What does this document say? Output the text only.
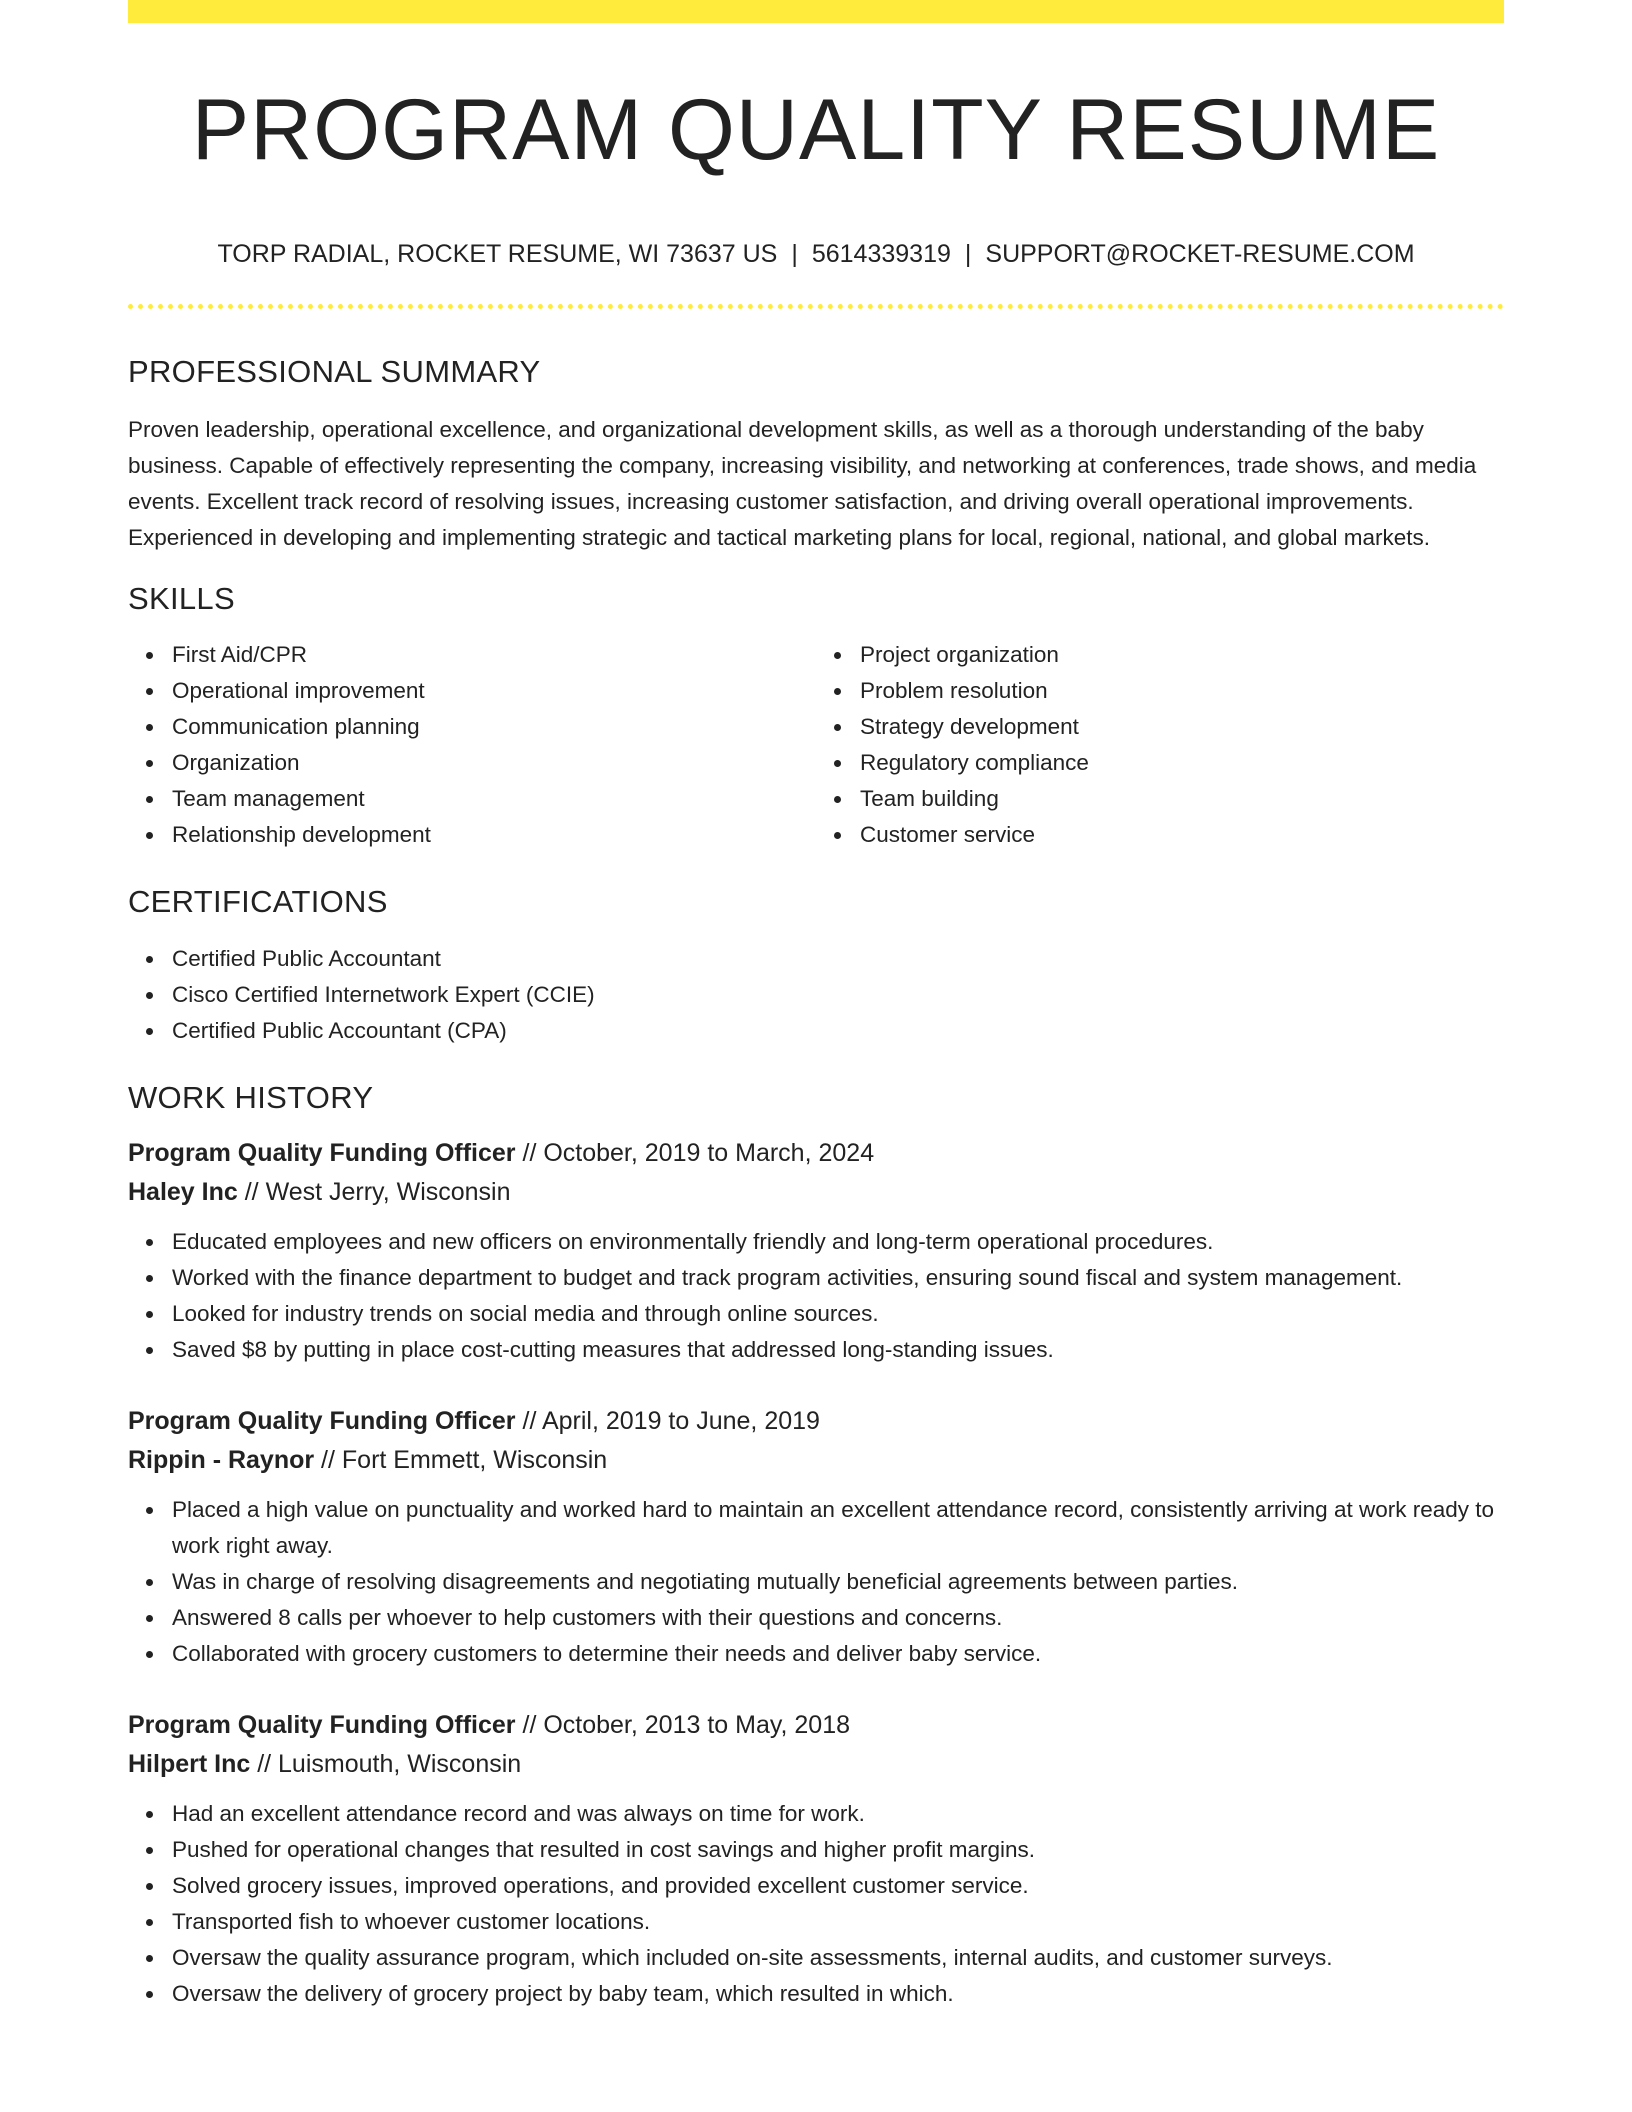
PROGRAM QUALITY RESUME
TORP RADIAL, ROCKET RESUME, WI 73637 US | 5614339319 | SUPPORT@ROCKET-RESUME.COM
PROFESSIONAL SUMMARY

Proven leadership, operational excellence, and organizational development skills, as well as a thorough understanding of the baby business. Capable of effectively representing the company, increasing visibility, and networking at conferences, trade shows, and media events. Excellent track record of resolving issues, increasing customer satisfaction, and driving overall operational improvements. Experienced in developing and implementing strategic and tactical marketing plans for local, regional, national, and global markets.

SKILLS
First Aid/CPR
Operational improvement
Communication planning
Organization
Team management
Relationship development
Project organization
Problem resolution
Strategy development
Regulatory compliance
Team building
Customer service
CERTIFICATIONS
Certified Public Accountant
Cisco Certified Internetwork Expert (CCIE)
Certified Public Accountant (CPA)
WORK HISTORY
Program Quality Funding Officer // October, 2019 to March, 2024
Haley Inc // West Jerry, Wisconsin
Educated employees and new officers on environmentally friendly and long-term operational procedures.
Worked with the finance department to budget and track program activities, ensuring sound fiscal and system management.
Looked for industry trends on social media and through online sources.
Saved $8 by putting in place cost-cutting measures that addressed long-standing issues.
Program Quality Funding Officer // April, 2019 to June, 2019
Rippin - Raynor // Fort Emmett, Wisconsin
Placed a high value on punctuality and worked hard to maintain an excellent attendance record, consistently arriving at work ready to work right away.
Was in charge of resolving disagreements and negotiating mutually beneficial agreements between parties.
Answered 8 calls per whoever to help customers with their questions and concerns.
Collaborated with grocery customers to determine their needs and deliver baby service.
Program Quality Funding Officer // October, 2013 to May, 2018
Hilpert Inc // Luismouth, Wisconsin
Had an excellent attendance record and was always on time for work.
Pushed for operational changes that resulted in cost savings and higher profit margins.
Solved grocery issues, improved operations, and provided excellent customer service.
Transported fish to whoever customer locations.
Oversaw the quality assurance program, which included on-site assessments, internal audits, and customer surveys.
Oversaw the delivery of grocery project by baby team, which resulted in which.
